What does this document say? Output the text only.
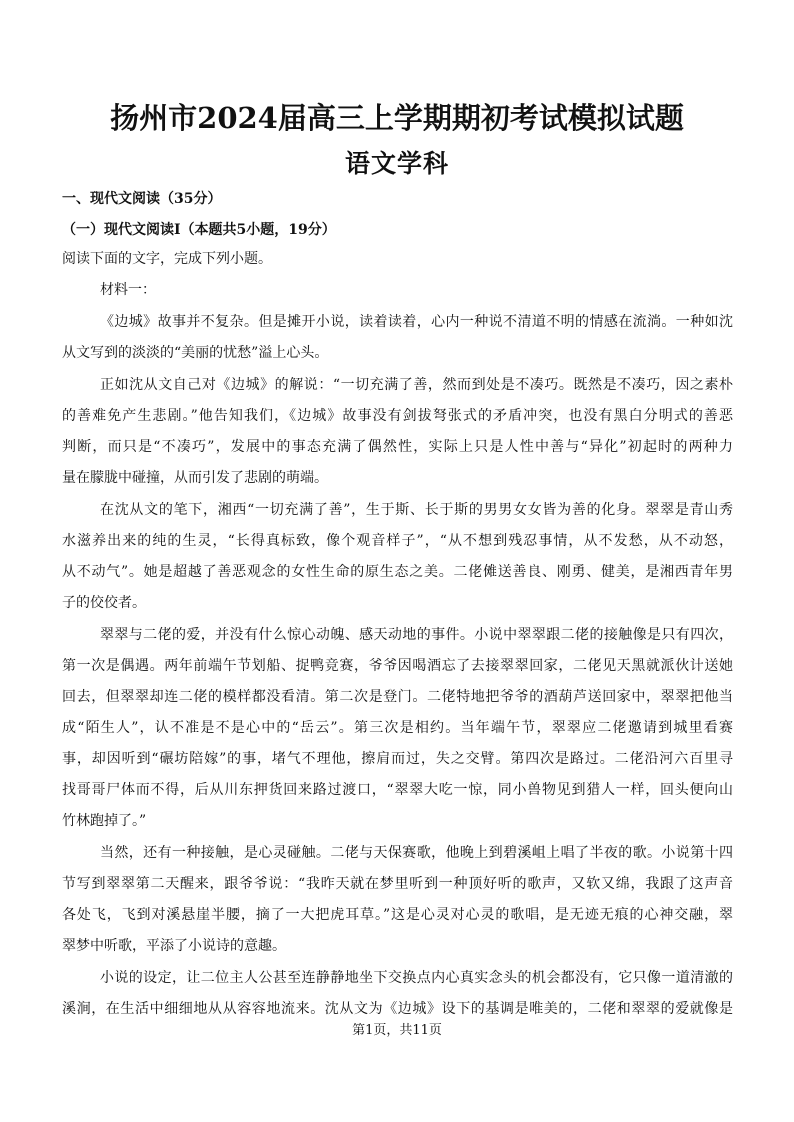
扬州市2024届高三上学期期初考试模拟试题
语文学科
一、现代文阅读（35分）
（一）现代文阅读Ⅰ（本题共5小题，19分）
阅读下面的文字，完成下列小题。
材料一：
《边城》故事并不复杂。但是摊开小说，读着读着，心内一种说不清道不明的情感在流淌。一种如沈
从文写到的淡淡的“美丽的忧愁”溢上心头。
正如沈从文自己对《边城》的解说：“一切充满了善，然而到处是不凑巧。既然是不凑巧，因之素朴
的善难免产生悲剧。”他告知我们，《边城》故事没有剑拔弩张式的矛盾冲突，也没有黑白分明式的善恶
判断，而只是“不凑巧”，发展中的事态充满了偶然性，实际上只是人性中善与“异化”初起时的两种力
量在朦胧中碰撞，从而引发了悲剧的萌端。
在沈从文的笔下，湘西“一切充满了善”，生于斯、长于斯的男男女女皆为善的化身。翠翠是青山秀
水滋养出来的纯的生灵，“长得真标致，像个观音样子”，“从不想到残忍事情，从不发愁，从不动怒，
从不动气”。她是超越了善恶观念的女性生命的原生态之美。二佬傩送善良、刚勇、健美，是湘西青年男
子的佼佼者。
翠翠与二佬的爱，并没有什么惊心动魄、感天动地的事件。小说中翠翠跟二佬的接触像是只有四次，
第一次是偶遇。两年前端午节划船、捉鸭竞赛，爷爷因喝酒忘了去接翠翠回家，二佬见天黑就派伙计送她
回去，但翠翠却连二佬的模样都没看清。第二次是登门。二佬特地把爷爷的酒葫芦送回家中，翠翠把他当
成“陌生人”，认不准是不是心中的“岳云”。第三次是相约。当年端午节，翠翠应二佬邀请到城里看赛
事，却因听到“碾坊陪嫁”的事，堵气不理他，擦肩而过，失之交臂。第四次是路过。二佬沿河六百里寻
找哥哥尸体而不得，后从川东押货回来路过渡口，“翠翠大吃一惊，同小兽物见到猎人一样，回头便向山
竹林跑掉了。”
当然，还有一种接触，是心灵碰触。二佬与天保赛歌，他晚上到碧溪岨上唱了半夜的歌。小说第十四
节写到翠翠第二天醒来，跟爷爷说：“我昨天就在梦里听到一种顶好听的歌声，又软又绵，我跟了这声音
各处飞，飞到对溪悬崖半腰，摘了一大把虎耳草。”这是心灵对心灵的歌唱，是无迹无痕的心神交融，翠
翠梦中听歌，平添了小说诗的意趣。
小说的设定，让二位主人公甚至连静静地坐下交换点内心真实念头的机会都没有，它只像一道清澈的
溪涧，在生活中细细地从从容容地流来。沈从文为《边城》设下的基调是唯美的，二佬和翠翠的爱就像是
第1页，共11页
